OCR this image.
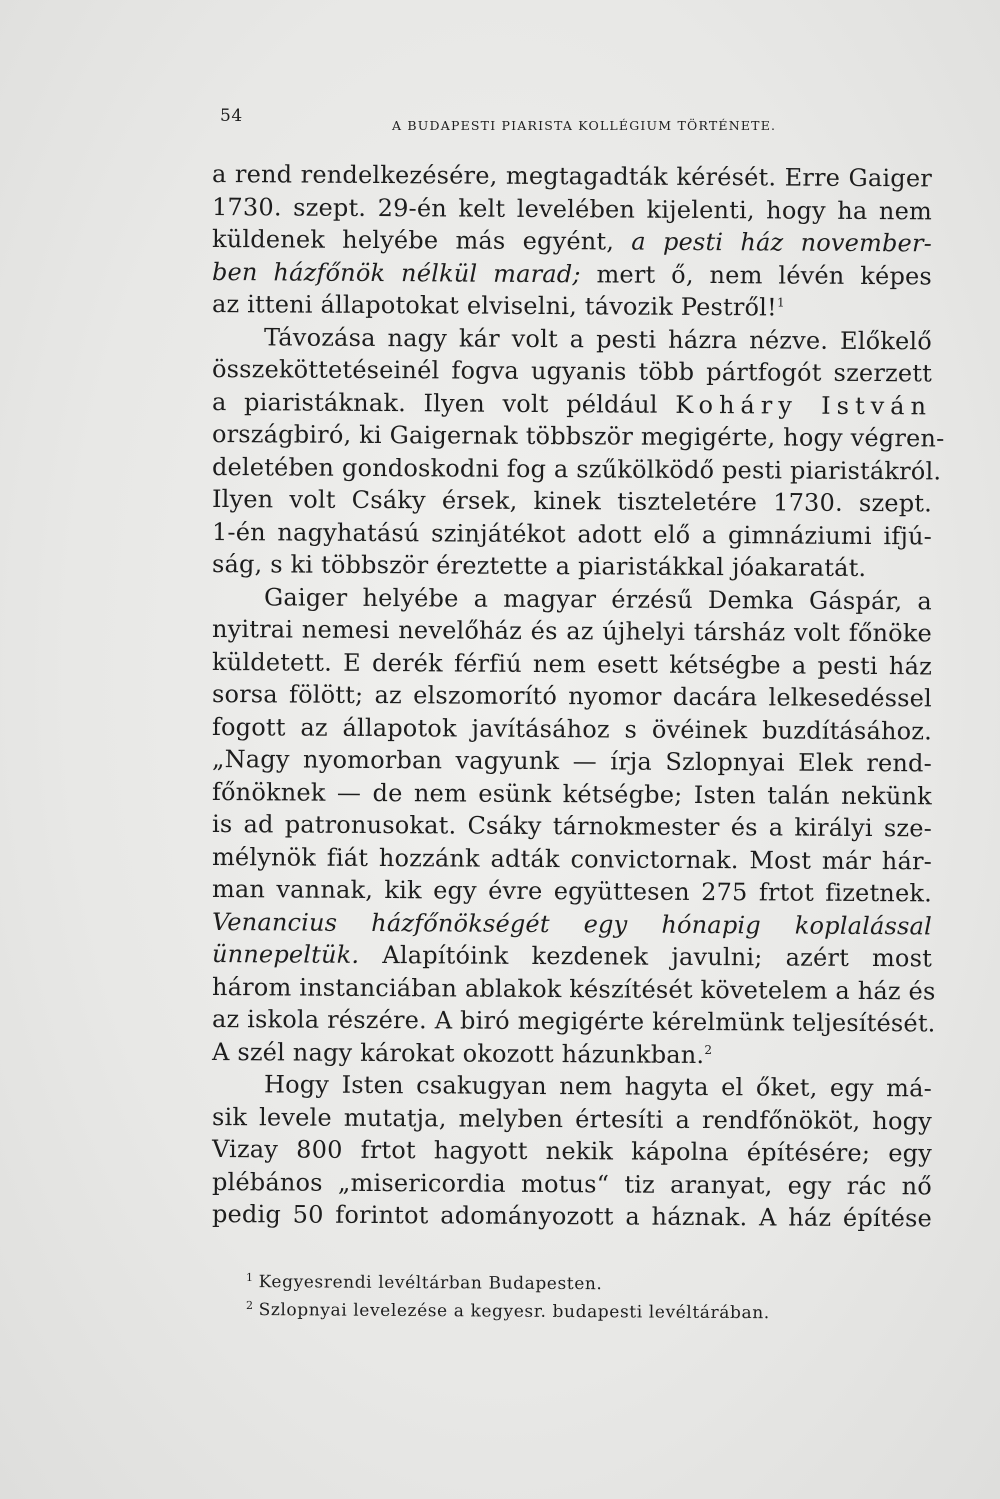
54	A BUDAPESTI PIARISTA KOLLÉGIUM TÖRTÉNETE.
a rend rendelkezésére, megtagadták kérését. Erre Gaiger
1730. szept. 29-én kelt levelében kijelenti, hogy ha nem
küldenek helyébe más egyént, a pesti ház november-
ben házfőnök nélkül marad; mert ő, nem lévén képes
az itteni állapotokat elviselni, távozik Pestről!$^1$
Távozása nagy kár volt a pesti házra nézve. Előkelő
összeköttetéseinél fogva ugyanis több pártfogót szerzett
a piaristáknak. Ilyen volt például Koháry István
országbiró, ki Gaigernak többször megigérte, hogy végren-
deletében gondoskodni fog a szűkölködő pesti piaristákról.
Ilyen volt Csáky érsek, kinek tiszteletére 1730. szept.
1-én nagyhatású szinjátékot adott elő a gimnáziumi ifjú-
ság, s ki többször éreztette a piaristákkal jóakaratát.
Gaiger helyébe a magyar érzésű Demka Gáspár, a
nyitrai nemesi nevelőház és az újhelyi társház volt főnöke
küldetett. E derék férfiú nem esett kétségbe a pesti ház
sorsa fölött; az elszomorító nyomor dacára lelkesedéssel
fogott az állapotok javításához s övéinek buzdításához.
„Nagy nyomorban vagyunk — írja Szlopnyai Elek rend-
főnöknek — de nem esünk kétségbe; Isten talán nekünk
is ad patronusokat. Csáky tárnokmester és a királyi sze-
mélynök fiát hozzánk adták convictornak. Most már hár-
man vannak, kik egy évre együttesen 275 frtot fizetnek.
Venancius házfőnökségét egy hónapig koplalással
ünnepeltük. Alapítóink kezdenek javulni; azért most
három instanciában ablakok készítését követelem a ház és
az iskola részére. A biró megigérte kérelmünk teljesítését.
A szél nagy károkat okozott házunkban.$^2$
Hogy Isten csakugyan nem hagyta el őket, egy má-
sik levele mutatja, melyben értesíti a rendfőnököt, hogy
Vizay 800 frtot hagyott nekik kápolna építésére; egy
plébános „misericordia motus“ tiz aranyat, egy rác nő
pedig 50 forintot adományozott a háznak. A ház építése
$^1$ Kegyesrendi levéltárban Budapesten.
$^2$ Szlopnyai levelezése a kegyesr. budapesti levéltárában.
